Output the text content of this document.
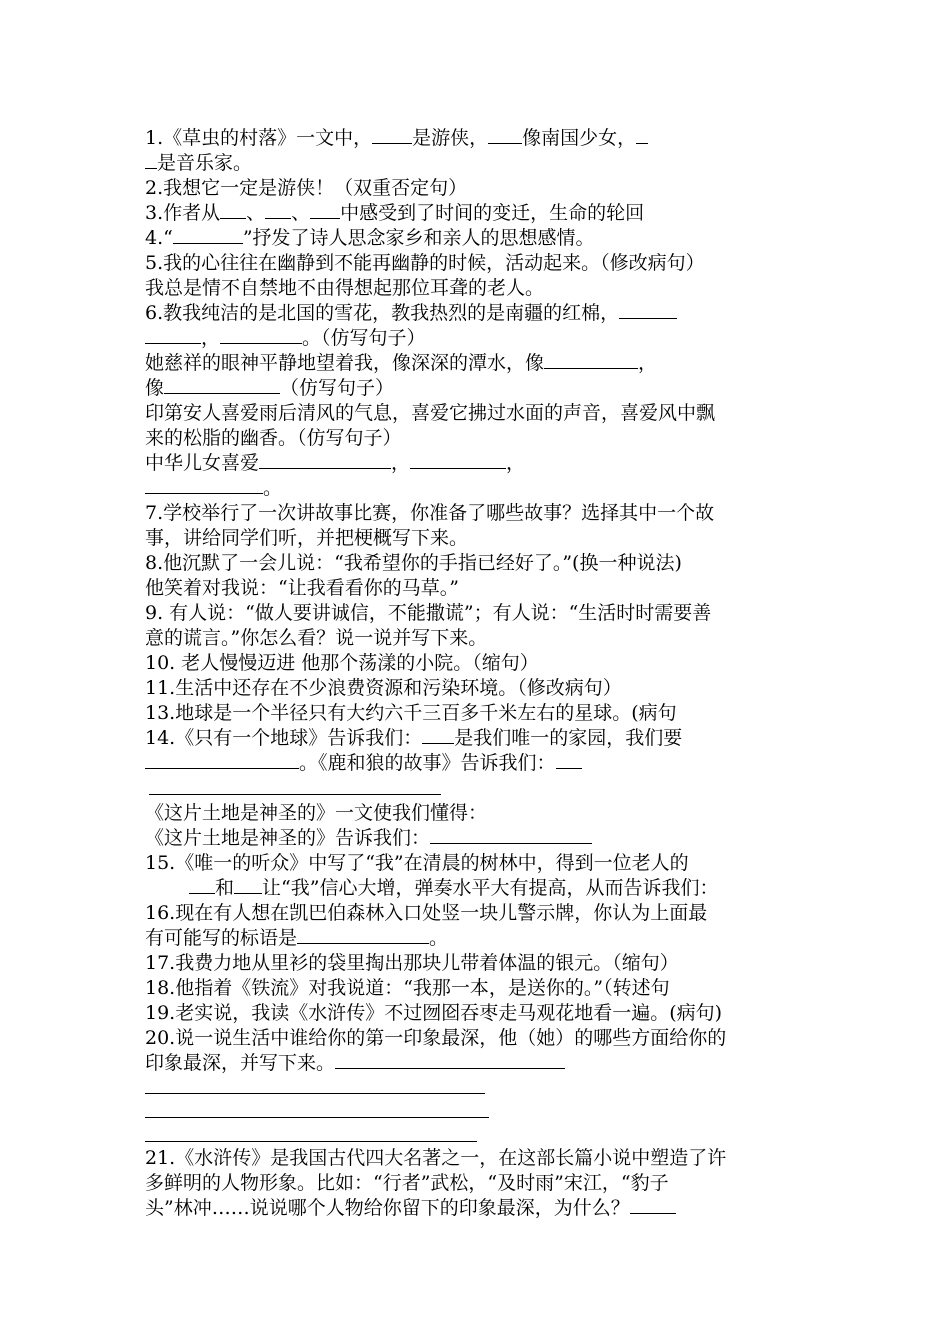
1.《草虫的村落》一文中， 是游侠， 像南国少女，
是音乐家。
2.我想它一定是游侠！（双重否定句）
3.作者从 、 、 中感受到了时间的变迁，生命的轮回
4.“	”抒发了诗人思念家乡和亲人的思想感情。
5.我的心往往在幽静到不能再幽静的时候，活动起来。（修改病句）
我总是情不自禁地不由得想起那位耳聋的老人。
6.教我纯洁的是北国的雪花，教我热烈的是南疆的红棉，
，	。（仿写句子）
她慈祥的眼神平静地望着我，像深深的潭水，像	，
像	（仿写句子）
印第安人喜爱雨后清风的气息，喜爱它拂过水面的声音，喜爱风中飘
来的松脂的幽香。（仿写句子）
中华儿女喜爱	，	，
。
7.学校举行了一次讲故事比赛，你准备了哪些故事？选择其中一个故
事，讲给同学们听，并把梗概写下来。
8.他沉默了一会儿说：“我希望你的手指已经好了。”(换一种说法)
他笑着对我说：“让我看看你的马草。”
9. 有人说：“做人要讲诚信，不能撒谎”；有人说：“生活时时需要善
意的谎言。”你怎么看？说一说并写下来。
10. 老人慢慢迈进 他那个荡漾的小院。（缩句）
11.生活中还存在不少浪费资源和污染环境。（修改病句）
13.地球是一个半径只有大约六千三百多千米左右的星球。(病句
14.《只有一个地球》告诉我们： 是我们唯一的家园，我们要
。《鹿和狼的故事》告诉我们：
《这片土地是神圣的》一文使我们懂得：
《这片土地是神圣的》告诉我们：
15.《唯一的听众》中写了“我”在清晨的树林中，得到一位老人的
和 让“我”信心大增，弹奏水平大有提高，从而告诉我们：
16.现在有人想在凯巴伯森林入口处竖一块儿警示牌，你认为上面最
有可能写的标语是	。
17.我费力地从里衫的袋里掏出那块儿带着体温的银元。（缩句）
18.他指着《铁流》对我说道：“我那一本，是送你的。”（转述句
19.老实说，我读《水浒传》不过囫囵吞枣走马观花地看一遍。(病句)
20.说一说生活中谁给你的第一印象最深，他（她）的哪些方面给你的
印象最深，并写下来。
21.《水浒传》是我国古代四大名著之一，在这部长篇小说中塑造了许
多鲜明的人物形象。比如：“行者”武松，“及时雨”宋江，“豹子
头”林冲……说说哪个人物给你留下的印象最深，为什么？
